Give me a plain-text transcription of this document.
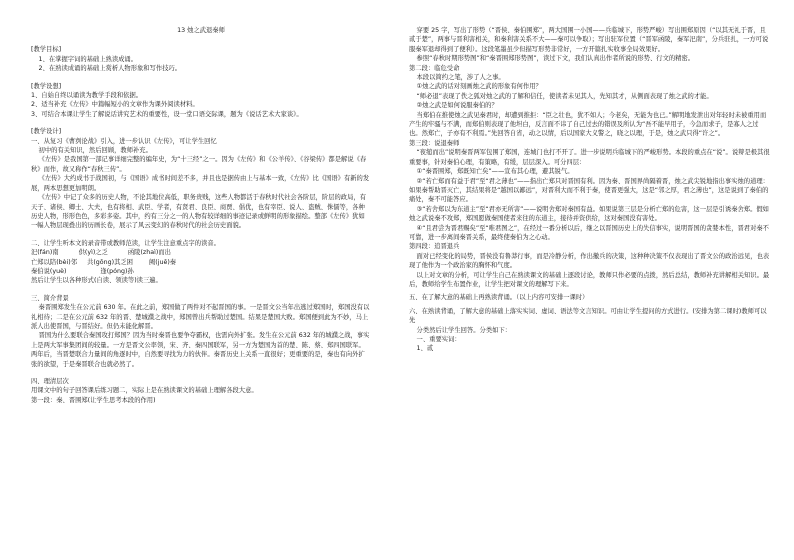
13 烛之武退秦师
[教学目标]
1、在掌握字词的基础上熟读成诵。
2、在熟读成诵的基础上赏析人物形象和写作技巧。
[教学设想]
1、自始自终以诵读为教学手段和依据。
2、适当补充《左传》中篇幅短小的文章作为课外阅读材料。
3、可结合本课让学生了解说话讲究艺术的重要性，设一堂口语交际课，题为《说话艺术大家谈》。
[教学设计]
一、从复习《曹刿论战》引入，进一步认识《左传》，可让学生回忆
初中的有关知识，然后回顾，教师补充。
《左传》是我国第一部记事详细完整的编年史，为“十三经”之一。因为《左传》和《公羊传》、《谷梁传》都是解说《春秋》而作，故又称作“春秋三传”。
《左传》大约成书于战国初，与《国语》成书时间差不多，并且也是据传由上与基本一致，《左传》比《国语》有新的发展，两本思想更加明朗。
《左传》中记了众多的历史人物，不论其地位高低，职务贵贱，这些人物都活于春秋时代社会各阶层，阶层的政局，有天子、诸侯、卿士、大夫，也有将相、武臣、学者，有贤君、良臣、商贾、倡优，也有宰臣、说人、盗贼、侏儒等，各种历史人物，形形色色，多彩多姿。其中，约有三分之一的人物有较详细的事迹记录或鲜明的形象描绘。整部《左传》犹如一幅人物层现叠出的历画长卷，展示了风云变幻的春秋时代的社会历史面貌。
二、让学生听本文的录音带或教师范读，让学生注意重点字的读音。
汜(fán)南          供(yì)之乏          函陵(zhaì)而出
亡郑以陪(bèi)邻     共(gōng)其乏困        阙(juē)秦
秦伯说(yuè)                 逢(póng)孙
然后让学生以各种形式(自读、领读等)读三遍。
三、简介背景
秦晋围郑发生在公元前 630 年。在此之前，郑国做了两件对不起晋国的事。一是晋文公当年出逃过郑国时，郑国没有以礼相待；二是在公元前 632 年的晋、楚城濮之战中，郑国曾出兵帮助过楚国。结果是楚国大败。郑国便到此为不妙，马上派人出使晋国，与晋结好。但仍未能化解晋。
晋国为什么要联合秦国攻打郑国？因为当时秦晋也要争夺霸权，也需向外扩张。发生在公元前 632 年的城濮之战，事实上是两大军事集团间的较量。一方是晋文公率领，宋、齐、秦四国联军，另一方为楚国为首的楚、陈、蔡、郑四国联军。两年后，当晋楚联合力量间的角逐时中，自然要寻找为力的伙伴。秦晋历史上关系一直很好；更重要的是，秦也有向外扩张的欲望，于是秦晋联合也就必然了。
四、理清层次
用课文中的句子回答课后练习题二，实际上是在熟读课文的基础上理解各段大意。
第一段：秦、晋围郑(让学生思考本段的作用)
穿要 25 字，写出了形势（“晋侯、秦伯围郑”，两大国围一小国——兵临城下，形势严峻）写出围郑原因（“以其无礼于晋，且贰于楚”，两事与晋利害相关，和秦利害关系不大——秦可以争取）；写出驻军位置（“晋军函陵，秦军汜南”，分兵驻扎，一方可说服秦军退却得到了便利）。这段笔墨虽少但描写形势非常好，一方开篇扎实收事全局效果好。
参照“春秋时期形势图”和“秦晋围郑形势图”，读过下文，我们认真出作者所说的形势、行文的精密。
第二段：临危受命
本段以简约之笔，涉了人之事。
①烛之武的话对刻画烛之武的形象有何作用？
“师必退”表现了佚之狐对烛之武的了解和信任，使读者未见其人，先知其才，从侧面表现了烛之武的才能。
②烛之武是如何说服秦伯的？
当郑伯在推使烛之武见秦君时，却遭到推拒：“臣之壮也，犹不如人；今老矣，无能为也已。”解明地发泄出对年轻时未被重用而产生的牢骚与不满，而郑伯则表现了他坦白，反言面不讳了自己过去的错误及所认为“吾不能早用子，今急而求子，是寡人之过也。然郑亡，子亦有不利焉。”先回答自省，动之以情，后以国家大义警之，晓之以理，于是，烛之武只得“许之”。
第三段：说退秦师
“夜缒而出”说明秦晋两军包围了郑国，连城门也打不开了。进一步说明兵临城下的严峻形势。本段的重点在“说”。说辩是极其很重要事，针对秦伯心理，有策略，有缓，层层深入。可分四层：
①“秦晋围郑，郑既知亡矣”——宣布其心理，避其锐气。
②“若亡郑而有益于君”至“君之薄也”——指出亡郑只对晋国有利。因为秦、晋国界尚隔着晋，烛之武尖锐地指出事实烛的道理：如果秦帮助晋灭亡，其结果将是“越国以鄙远”，对晋利大而不利于秦，使晋更强大，这是“邻之厚，君之薄也”，这是说到了秦伯的痛处，秦不可能答应。
③“若舍郑以为东道主”至“君亦无所害”——说明舍郑对秦国有益。如果说第三层是分析亡郑的危害，这一层是引诱秦舍郑。假如烛之武说秦不攻郑，郑国愿做秦国使者来往的东道主，接待并资供给，这对秦国没有害处。
④“且君尝为晋君赐矣”至“唯君图之”，在经过一番分析以后，继之以晋国历史上的失信事实，说明晋国的贪婪本性，晋君对秦不可靠，进一步离间秦晋关系，最终使秦伯为之心动。
第四段：追晋退兵
面对已经变化的局势，晋侯没有鲁莽行事，而是冷静分析，作出撤兵的决策，这种种决策不仅表现出了晋文公的政治远见，也表现了他作为一个政治家的胸怀和气度。
以上对文章的分析，可让学生自己在熟读课文的基础上逐段讨论，教师只作必要的点拨，然后总结，教师补充讲解相关知识。最后，教师给学生布置作业，让学生把对课文的理解写下来。
五、在了解大意的基础上再熟读背诵。（以上内容可安排一课时）
六、在熟读背诵，了解大意的基础上落实实词、虚词、语法等文言知识。可由让学生提问的方式进行。(安排为第二课时)教师可以先
分类然后让学生回答。分类如下：
一、重要实词：
1、贰
